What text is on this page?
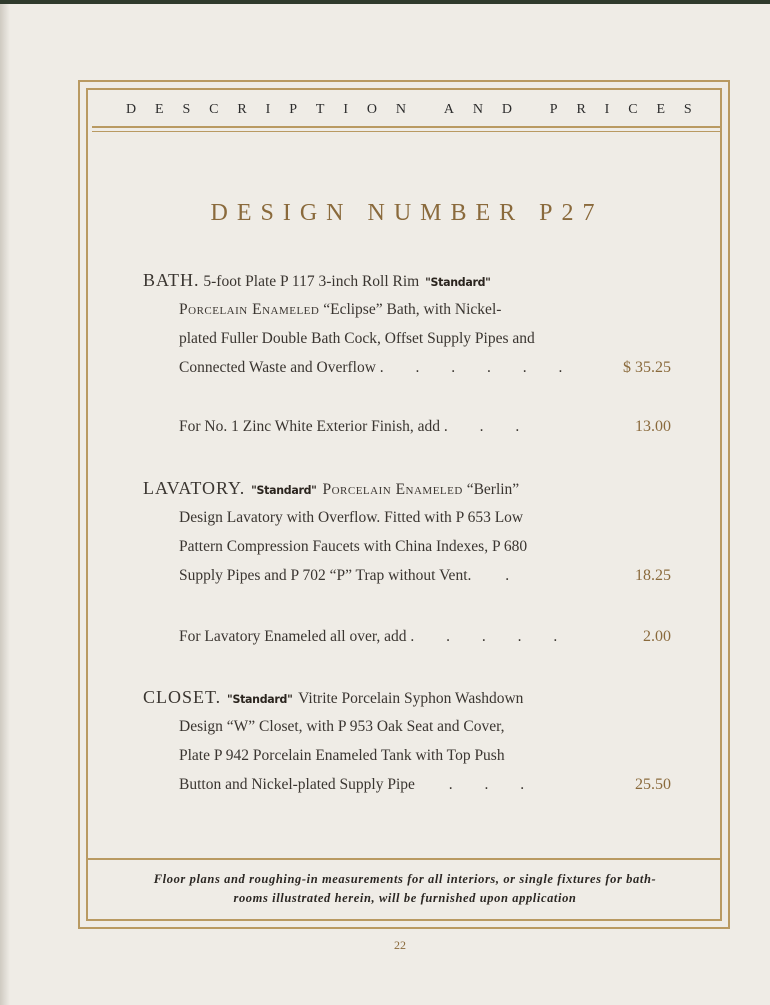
D E S C R I P T I O N	A N D	P R I C E S
DESIGN NUMBER P27
BATH. 5-foot Plate P 117 3-inch Roll Rim "Standard"
Porcelain Enameled “Eclipse” Bath, with Nickel-
plated Fuller Double Bath Cock, Offset Supply Pipes and
Connected Waste and Overflow . . . . . .	$ 35.25
For No. 1 Zinc White Exterior Finish, add . . .	13.00
LAVATORY. "Standard" Porcelain Enameled “Berlin”
Design Lavatory with Overflow. Fitted with P 653 Low
Pattern Compression Faucets with China Indexes, P 680
Supply Pipes and P 702 “P” Trap without Vent. .	18.25
For Lavatory Enameled all over, add . . . . .	2.00
CLOSET. "Standard" Vitrite Porcelain Syphon Washdown
Design “W” Closet, with P 953 Oak Seat and Cover,
Plate P 942 Porcelain Enameled Tank with Top Push
Button and Nickel-plated Supply Pipe . . .	25.50
Floor plans and roughing-in measurements for all interiors, or single fixtures for bath-
rooms illustrated herein, will be furnished upon application
22
